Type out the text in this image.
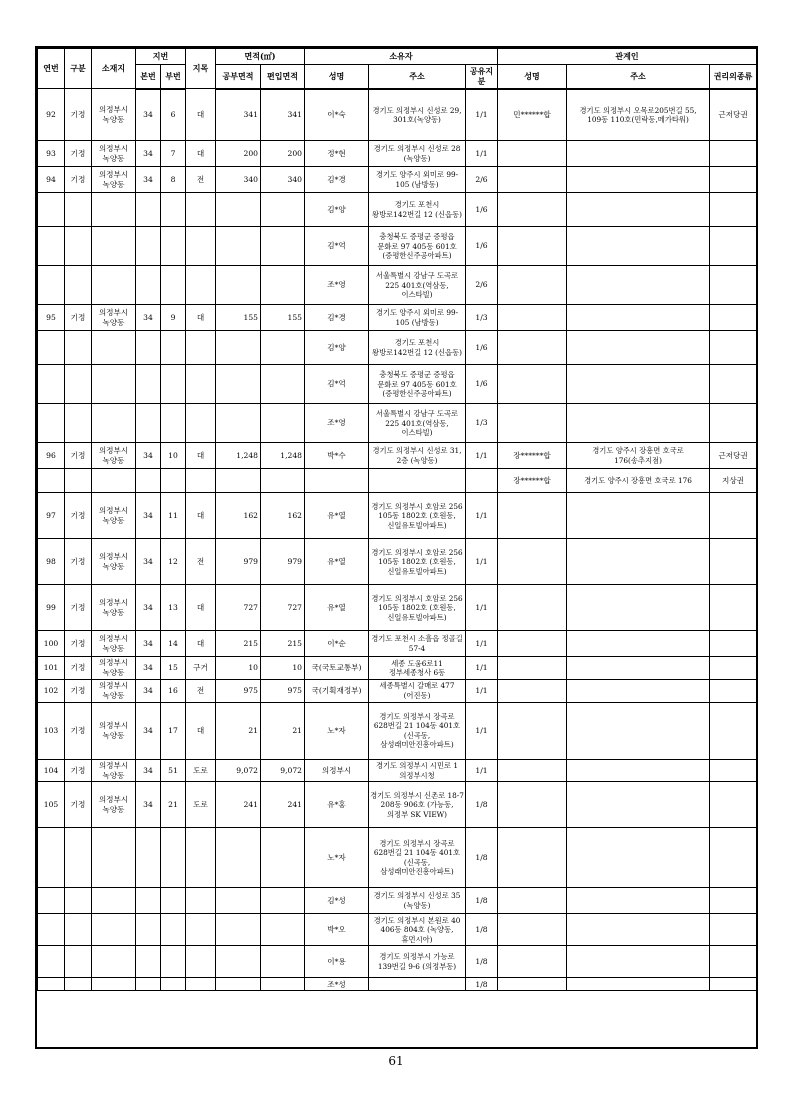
연번	구분	소재지	지번		지목	면적(㎡)		소유자			관계인		
			본번	부번		공부면적	편입면적	성명	주소	공유지분	성명	주소	권리의종류
92	기정	의정부시 녹양동	34	6	대	341	341	이*숙	경기도 의정부시 신성로 29, 301호(녹양동)	1/1	민******합	경기도 의정부시 오목로205번길 55, 109동 110호(민락동,메가타워)	근저당권
93	기정	의정부시 녹양동	34	7	대	200	200	정*현	경기도 의정부시 신성로 28 (녹양동)	1/1			
94	기정	의정부시 녹양동	34	8	전	340	340	김*경	경기도 양주시 외미로 99-105 (남방동)	2/6			
								김*양	경기도 포천시 왕방로142번길 12 (신읍동)	1/6			
								김*억	충청북도 증평군 증평읍 문화로 97 405동 601호 (증평한신주공아파트)	1/6			
								조*영	서울특별시 강남구 도곡로 225 401호(역삼동,이스타빌)	2/6			
95	기정	의정부시 녹양동	34	9	대	155	155	김*경	경기도 양주시 외미로 99-105 (남방동)	1/3			
								김*양	경기도 포천시 왕방로142번길 12 (신읍동)	1/6			
								김*억	충청북도 증평군 증평읍 문화로 97 405동 601호 (증평한신주공아파트)	1/6			
								조*영	서울특별시 강남구 도곡로 225 401호(역삼동,이스타빌)	1/3			
96	기정	의정부시 녹양동	34	10	대	1,248	1,248	박*수	경기도 의정부시 신성로 31, 2층 (녹양동)	1/1	장******합	경기도 양주시 장흥면 호국로 176(송추지점)	근저당권
											장******합	경기도 양주시 장흥면 호국로 176	지상권
97	기정	의정부시 녹양동	34	11	대	162	162	유*열	경기도 의정부시 호암로 256 105동 1802호 (호원동,신일유토빌아파트)	1/1			
98	기정	의정부시 녹양동	34	12	전	979	979	유*열	경기도 의정부시 호암로 256 105동 1802호 (호원동,신일유토빌아파트)	1/1			
99	기정	의정부시 녹양동	34	13	대	727	727	유*열	경기도 의정부시 호암로 256 105동 1802호 (호원동,신일유토빌아파트)	1/1			
100	기정	의정부시 녹양동	34	14	대	215	215	이*순	경기도 포천시 소흘읍 정골길 57-4	1/1			
101	기정	의정부시 녹양동	34	15	구거	10	10	국(국토교통부)	세종 도움6로11 정부세종청사 6동	1/1			
102	기정	의정부시 녹양동	34	16	전	975	975	국(기획재정부)	세종특별시 갈매로 477 (어진동)	1/1			
103	기정	의정부시 녹양동	34	17	대	21	21	노*자	경기도 의정부시 장곡로 628번길 21 104동 401호 (신곡동,삼성래미안진흥아파트)	1/1			
104	기정	의정부시 녹양동	34	51	도로	9,072	9,072	의정부시	경기도 의정부시 시민로 1 의정부시청	1/1			
105	기정	의정부시 녹양동	34	21	도로	241	241	유*홍	경기도 의정부시 신촌로 18-7 208동 906호 (가능동,의정부 SK VIEW)	1/8			
								노*자	경기도 의정부시 장곡로 628번길 21 104동 401호 (신곡동,삼성래미안진흥아파트)	1/8			
								김*성	경기도 의정부시 신성로 35 (녹양동)	1/8			
								박*오	경기도 의정부시 본원로 40 406동 804호 (녹양동,휴먼시아)	1/8			
								이*용	경기도 의정부시 가능로 139번길 9-6 (의정부동)	1/8			
								조*성		1/8			
61
